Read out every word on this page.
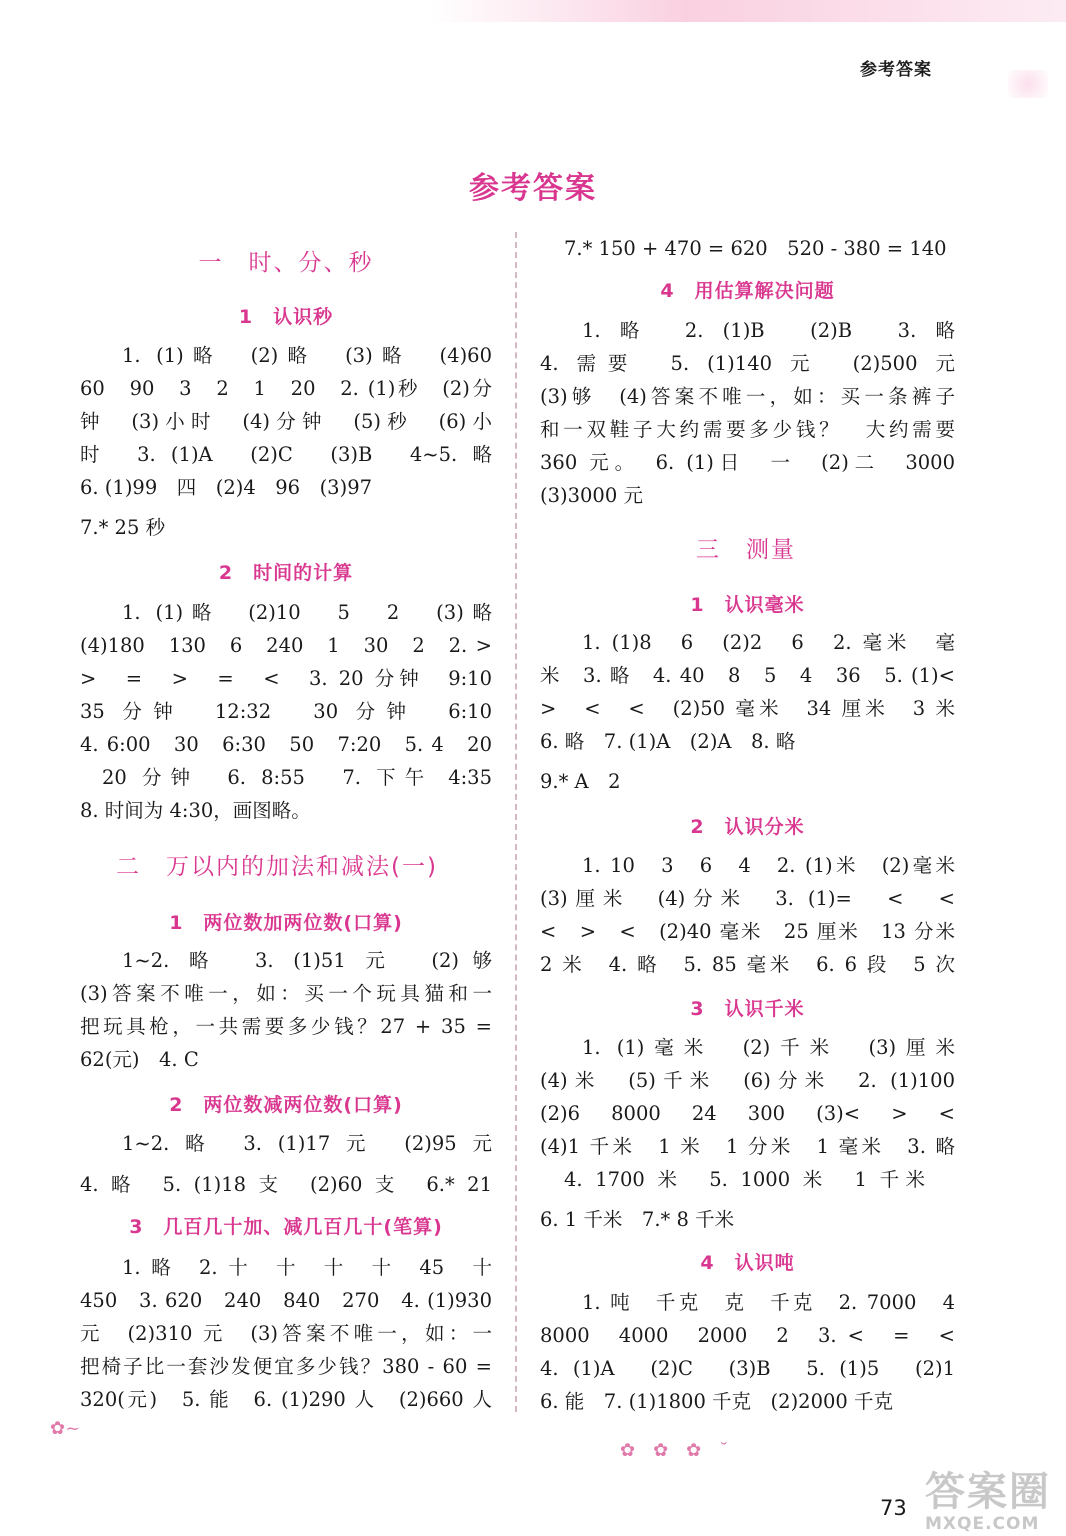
参考答案
参考答案
一　时、分、秒
1　认识秒
1. (1)略　(2)略　(3)略　(4)60
60　90　3　2　1　20　2. (1)秒　(2)分
钟　(3)小时　(4)分钟　(5)秒　(6)小
时　3. (1)A　(2)C　(3)B　4~5. 略
6. (1)99　四　(2)4　96　(3)97
7.* 25 秒
2　时间的计算
1. (1)略　(2)10　5　2　(3)略
(4)180　130　6　240　1　30　2　2. >
>　=　>　=　<　3. 20 分钟　9:10
35 分钟　12:32　30 分钟　6:10
4. 6:00　30　6:30　50　7:20　5. 4　20
20 分钟　6. 8:55　7. 下午 4:35
8. 时间为 4:30，画图略。
二　万以内的加法和减法(一)
1　两位数加两位数(口算)
1~2. 略　3. (1)51 元　(2)够
(3)答案不唯一，如：买一个玩具猫和一
把玩具枪，一共需要多少钱？27 + 35 =
62(元)　4. C
2　两位数减两位数(口算)
1~2. 略　3. (1)17 元　(2)95 元
4. 略　5. (1)18 支　(2)60 支　6.* 21
3　几百几十加、减几百几十(笔算)
1. 略　2. 十　十　十　十　45　十
450　3. 620　240　840　270　4. (1)930
元　(2)310 元　(3)答案不唯一，如：一
把椅子比一套沙发便宜多少钱？380 - 60 =
320(元)　5. 能　6. (1)290 人　(2)660 人
7.* 150 + 470 = 620　520 - 380 = 140
4　用估算解决问题
1. 略　2. (1)B　(2)B　3. 略
4. 需要　5. (1)140 元　(2)500 元
(3)够　(4)答案不唯一，如：买一条裤子
和一双鞋子大约需要多少钱？　大约需要
360 元。　6. (1)日　一　(2)二　3000
(3)3000 元
三　测量
1　认识毫米
1. (1)8　6　(2)2　6　2. 毫米　毫
米　3. 略　4. 40　8　5　4　36　5. (1)<
>　<　<　(2)50 毫米　34 厘米　3 米
6. 略　7. (1)A　(2)A　8. 略
9.* A　2
2　认识分米
1. 10　3　6　4　2. (1)米　(2)毫米
(3)厘米　(4)分米　3. (1)=　<　<
<　>　<　(2)40 毫米　25 厘米　13 分米
2 米　4. 略　5. 85 毫米　6. 6 段　5 次
3　认识千米
1. (1)毫米　(2)千米　(3)厘米
(4)米　(5)千米　(6)分米　2. (1)100
(2)6　8000　24　300　(3)<　>　<
(4)1 千米　1 米　1 分米　1 毫米　3. 略
4. 1700 米　5. 1000 米　1 千米
6. 1 千米　7.* 8 千米
4　认识吨
1. 吨　千克　克　千克　2. 7000　4
8000　4000　2000　2　3. <　=　<
4. (1)A　(2)C　(3)B　5. (1)5　(2)1
6. 能　7. (1)1800 千克　(2)2000 千克
✿~
✿✿✿˘
73 答案圈
MXQE.COM
